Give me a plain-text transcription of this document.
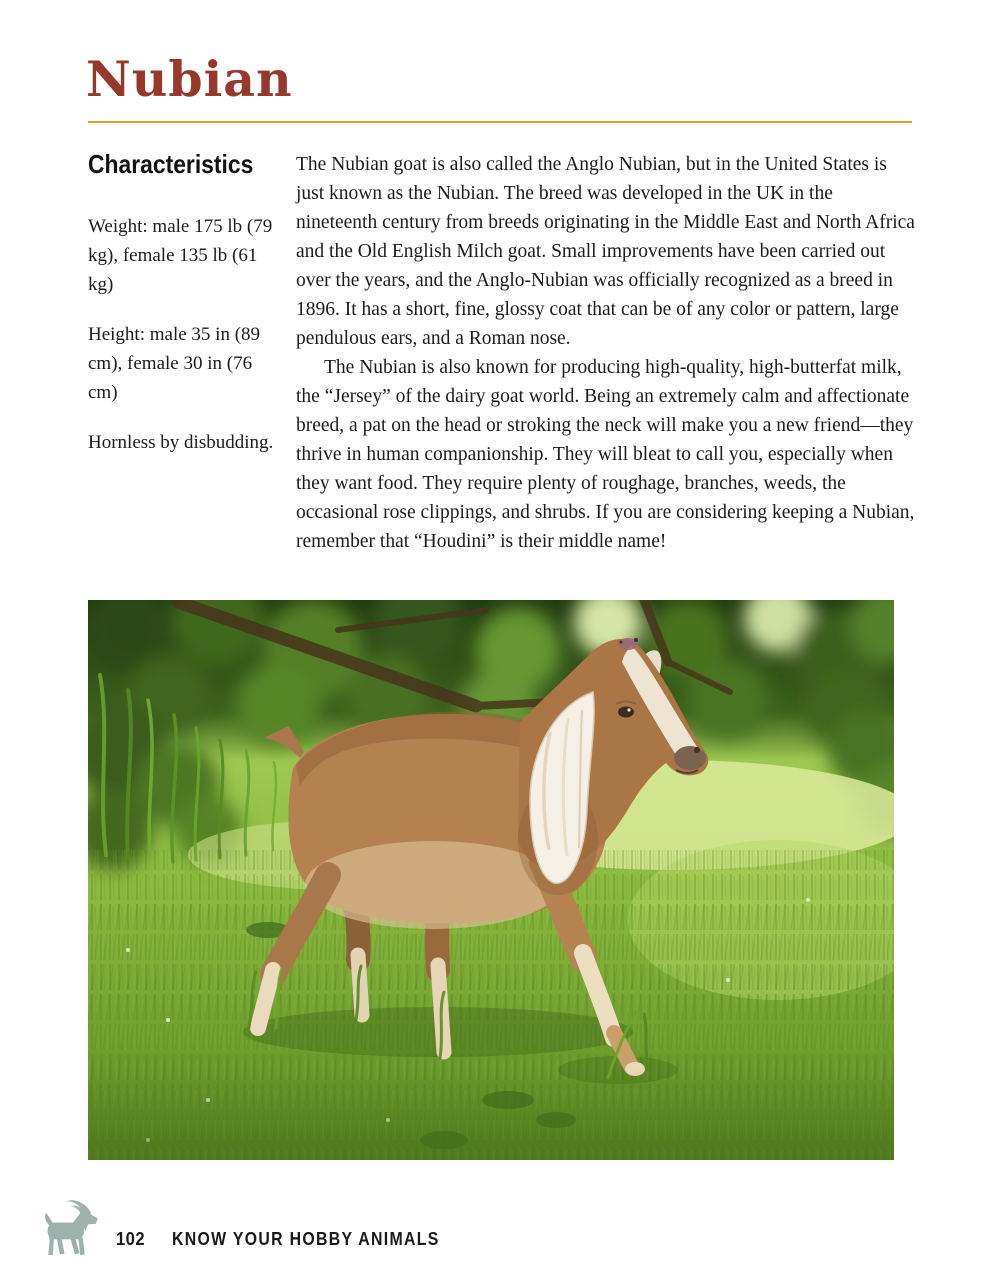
Nubian
Characteristics
Weight: male 175 lb (79 kg), female 135 lb (61 kg)
Height: male 35 in (89 cm), female 30 in (76 cm)
Hornless by disbudding.

The Nubian goat is also called the Anglo Nubian, but in the United States is just known as the Nubian. The breed was developed in the UK in the nineteenth century from breeds originating in the Middle East and North Africa and the Old English Milch goat. Small improvements have been carried out over the years, and the Anglo-Nubian was officially recognized as a breed in 1896. It has a short, fine, glossy coat that can be of any color or pattern, large pendulous ears, and a Roman nose.

The Nubian is also known for producing high-quality, high-butterfat milk, the “Jersey” of the dairy goat world. Being an extremely calm and affectionate breed, a pat on the head or stroking the neck will make you a new friend—they thrive in human companionship. They will bleat to call you, especially when they want food. They require plenty of roughage, branches, weeds, the occasional rose clippings, and shrubs. If you are considering keeping a Nubian, remember that “Houdini” is their middle name!

102 KNOW YOUR HOBBY ANIMALS
